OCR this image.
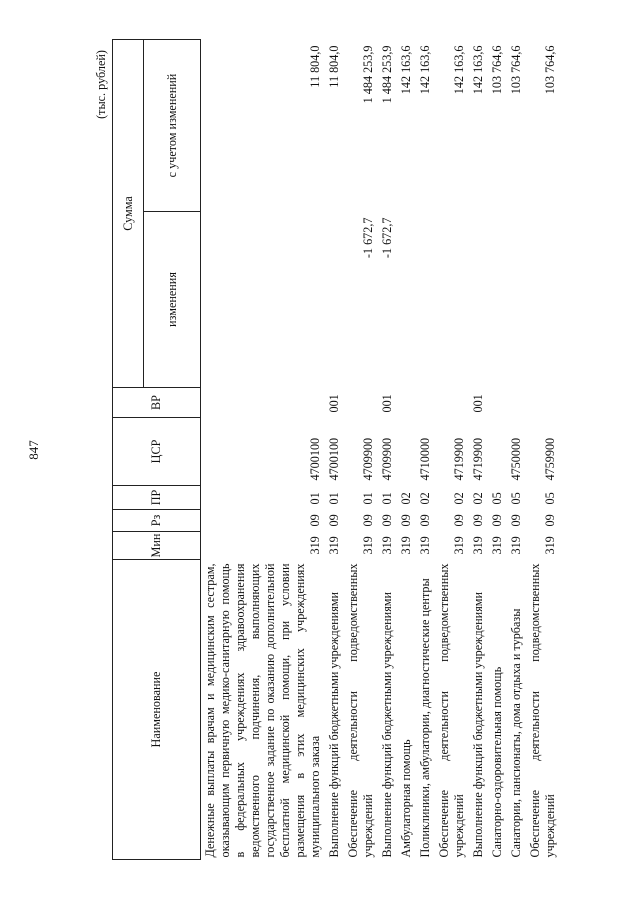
847
(тыс. рублей)
Наименование	Мин	Рз	ПР	ЦСР	ВР	Сумма	
						изменения	с учетом изменений
Денежные выплаты врачам и медицинским сестрам, оказывающим первичную медико-санитарную помощь в федеральных учреждениях здравоохранения ведомственного подчинения, выполняющих государственное задание по оказанию дополнительной бесплатной медицинской помощи, при условии размещения в этих медицинских учреждениях муниципального заказа	319	09	01	4700100			11 804,0
Выполнение функций бюджетными учреждениями	319	09	01	4700100	001		11 804,0
Обеспечение деятельности подведомственных учреждений	319	09	01	4709900		-1 672,7	1 484 253,9
Выполнение функций бюджетными учреждениями	319	09	01	4709900	001	-1 672,7	1 484 253,9
Амбулаторная помощь	319	09	02				142 163,6
Поликлиники, амбулатории, диагностические центры	319	09	02	4710000			142 163,6
Обеспечение деятельности подведомственных учреждений	319	09	02	4719900			142 163,6
Выполнение функций бюджетными учреждениями	319	09	02	4719900	001		142 163,6
Санаторно-оздоровительная помощь	319	09	05				103 764,6
Санатории, пансионаты, дома отдыха и турбазы	319	09	05	4750000			103 764,6
Обеспечение деятельности подведомственных учреждений	319	09	05	4759900			103 764,6
